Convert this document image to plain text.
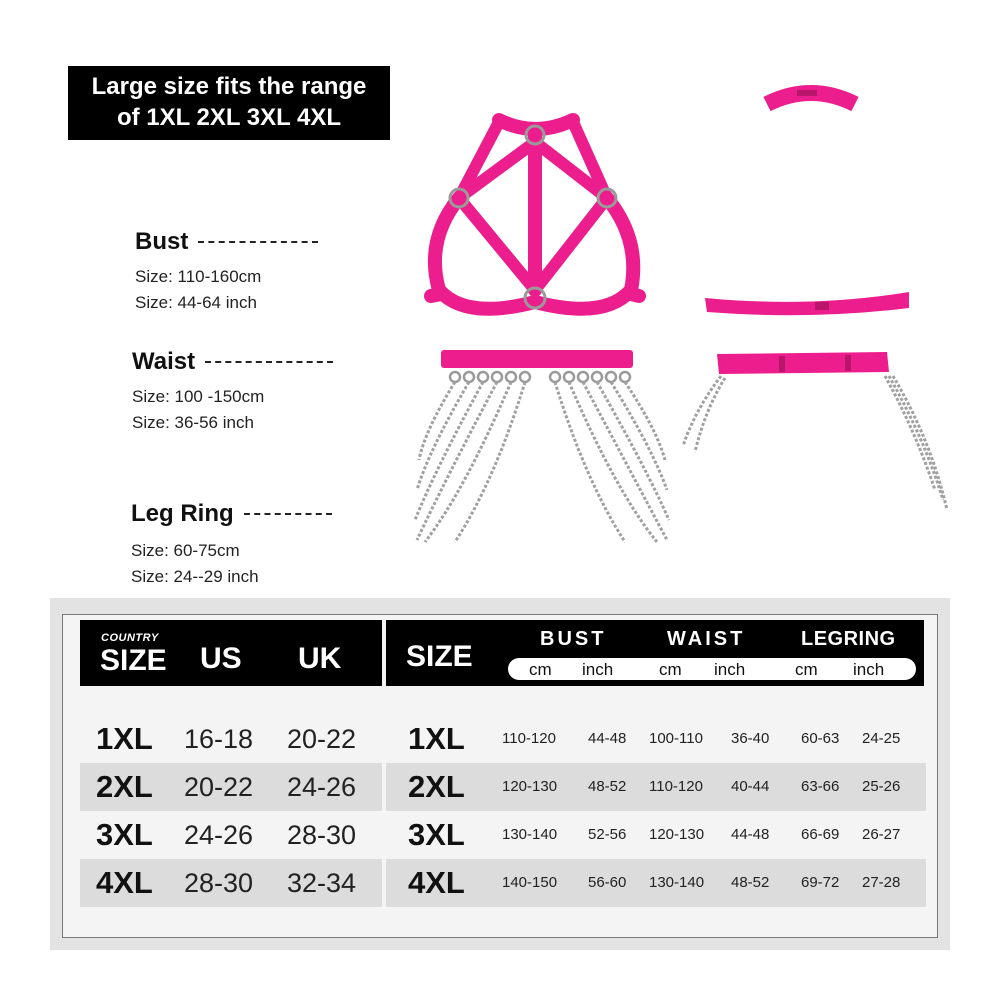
Large size fits the range
of 1XL 2XL 3XL 4XL
Bust
Size: 110-160cm
Size: 44-64 inch
Waist
Size: 100 -150cm
Size: 36-56 inch
Leg Ring
Size: 60-75cm
Size: 24--29 inch
COUNTRY
SIZE US UK SIZE
BUST	WAIST	LEGRING
cm inch	cm inch	cm inch
1XL 16-18 20-22 1XL 110-120 44-48 100-110 36-40 60-63 24-25
2XL 20-22 24-26 2XL 120-130 48-52 110-120 40-44 63-66 25-26
3XL 24-26 28-30 3XL 130-140 52-56 120-130 44-48 66-69 26-27
4XL 28-30 32-34 4XL 140-150 56-60 130-140 48-52 69-72 27-28
